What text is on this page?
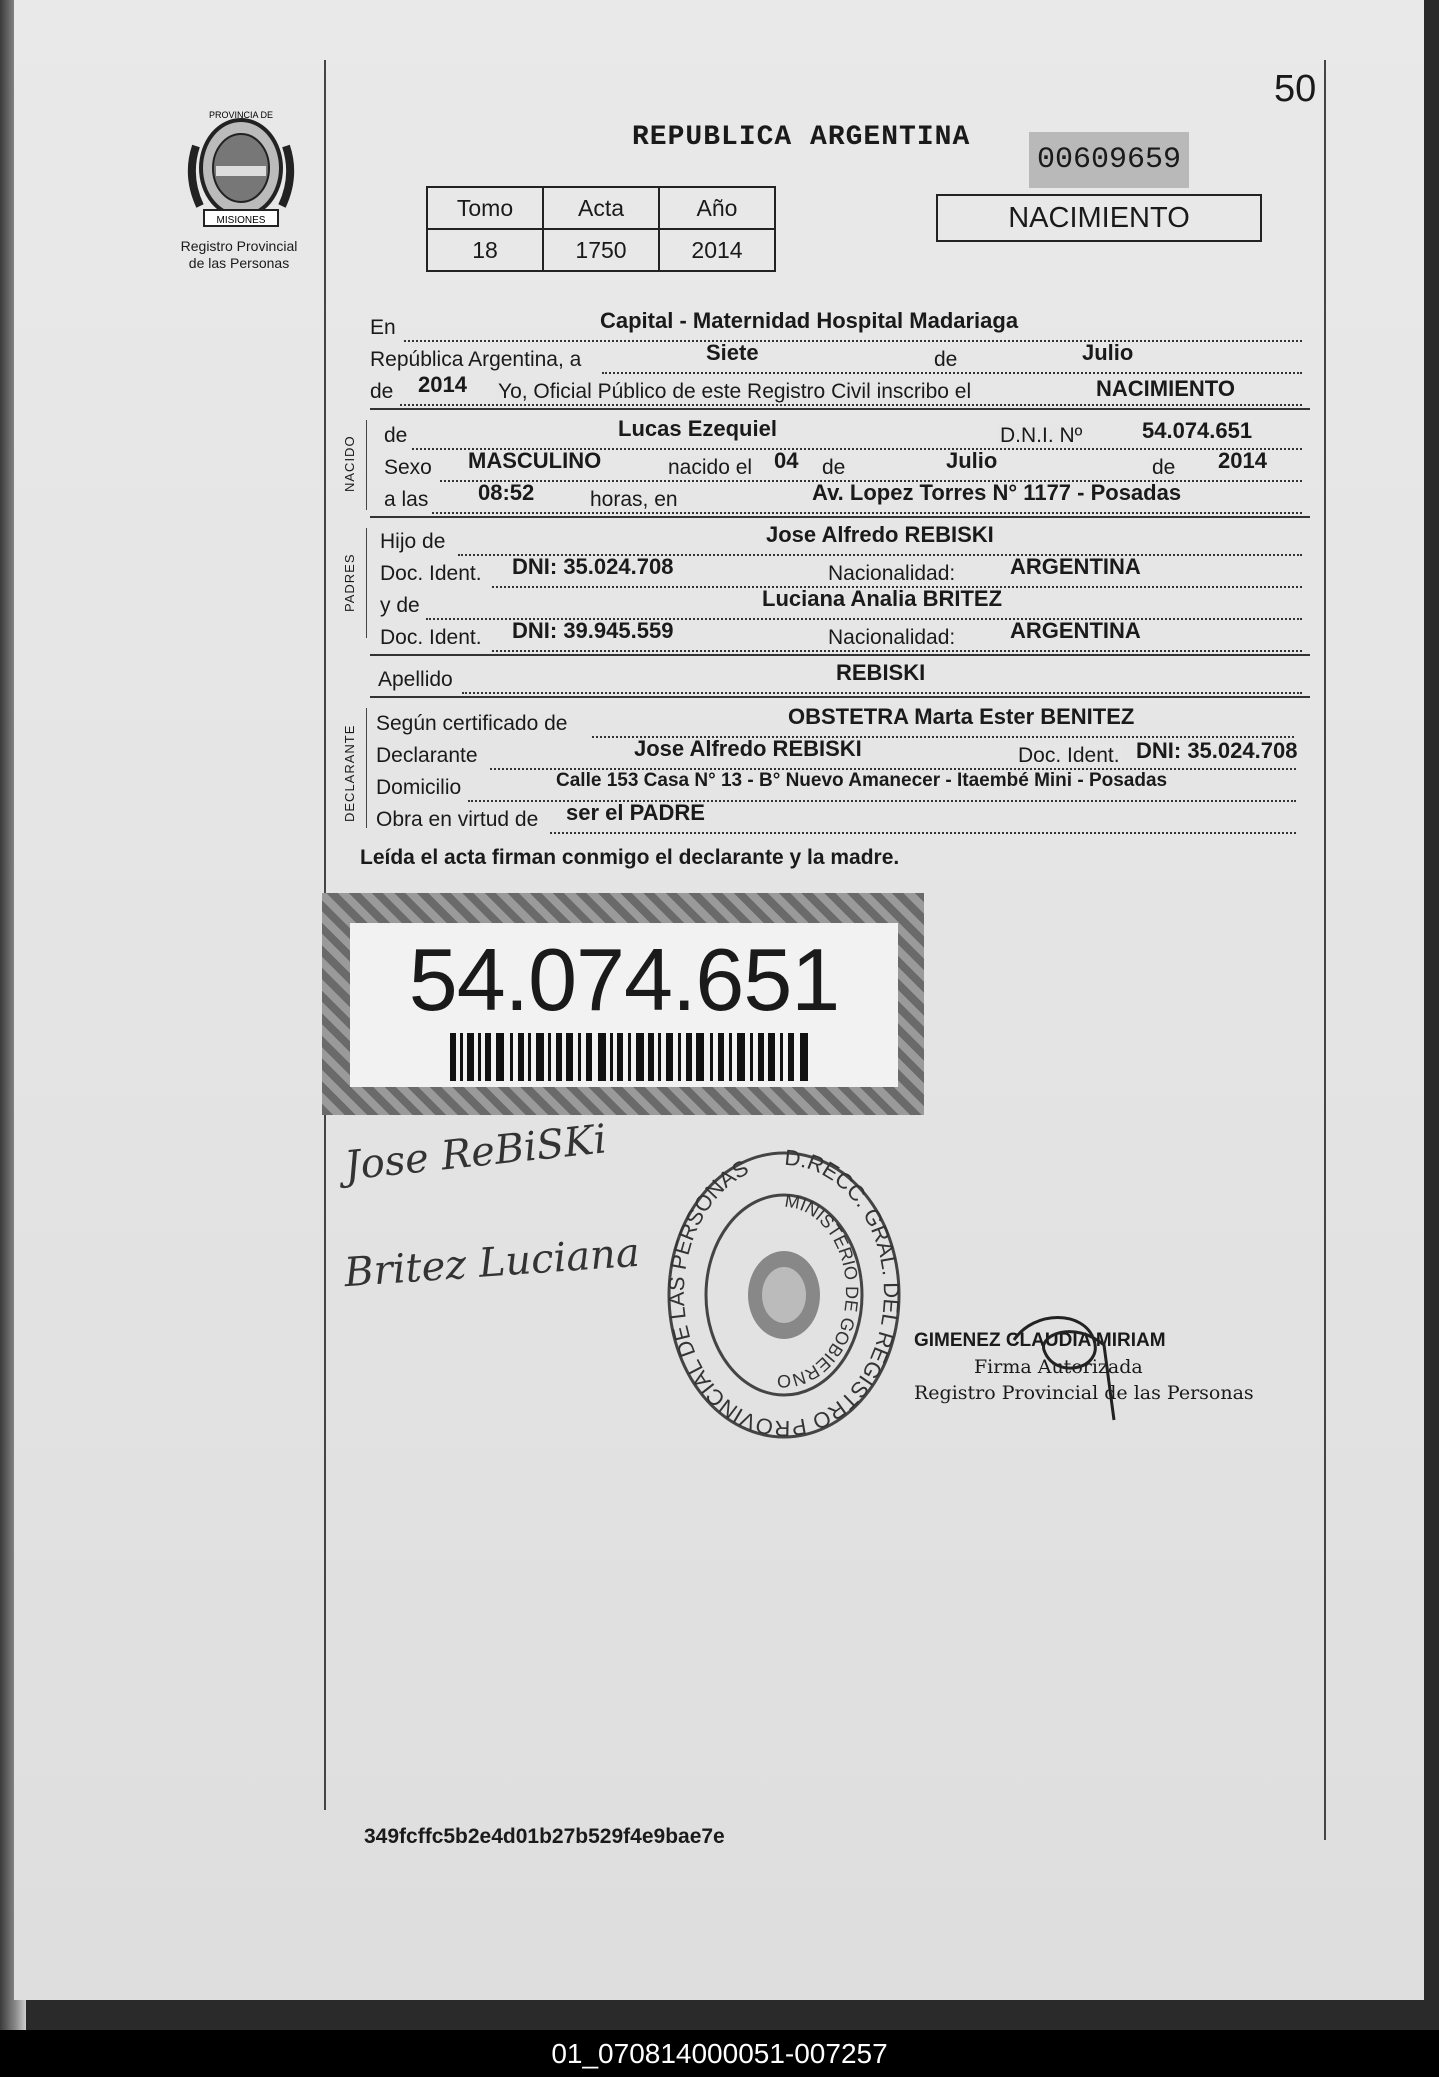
50
PROVINCIA DE
MISIONES
Registro Provincial
de las Personas
REPUBLICA ARGENTINA
00609659
NACIMIENTO
Tomo	Acta	Año
18	1750	2014
En	Capital - Maternidad Hospital Madariaga
República Argentina, a	Siete	de	Julio
de 2014 Yo, Oficial Público de este Registro Civil inscribo el	NACIMIENTO
NACIDO de	Lucas Ezequiel	D.N.I. Nº	54.074.651
Sexo MASCULINO	nacido el 04 de	Julio	de 2014
a las 08:52	horas, en	Av. Lopez Torres N° 1177 - Posadas
PADRES
Hijo de	Jose Alfredo REBISKI
Doc. Ident. DNI: 35.024.708	Nacionalidad: ARGENTINA
y de	Luciana Analia BRITEZ
Doc. Ident. DNI: 39.945.559	Nacionalidad: ARGENTINA
Apellido	REBISKI
DECLARANTE
Según certificado de	OBSTETRA Marta Ester BENITEZ
Declarante	Jose Alfredo REBISKI	Doc. Ident. DNI: 35.024.708
Domicilio	Calle 153 Casa N° 13 - B° Nuevo Amanecer - Itaembé Mini - Posadas
Obra en virtud de ser el PADRE
Leída el acta firman conmigo el declarante y la madre.
54.074.651
Jose ReBiSKi
Britez Luciana
D.RECC. GRAL. DEL REGISTRO PROVINCIAL DE LAS PERSONAS
MINISTERIO DE GOBIERNO
GIMENEZ CLAUDIA MIRIAM
Firma Autorizada
Registro Provincial de las Personas
349fcffc5b2e4d01b27b529f4e9bae7e
01_070814000051-007257
